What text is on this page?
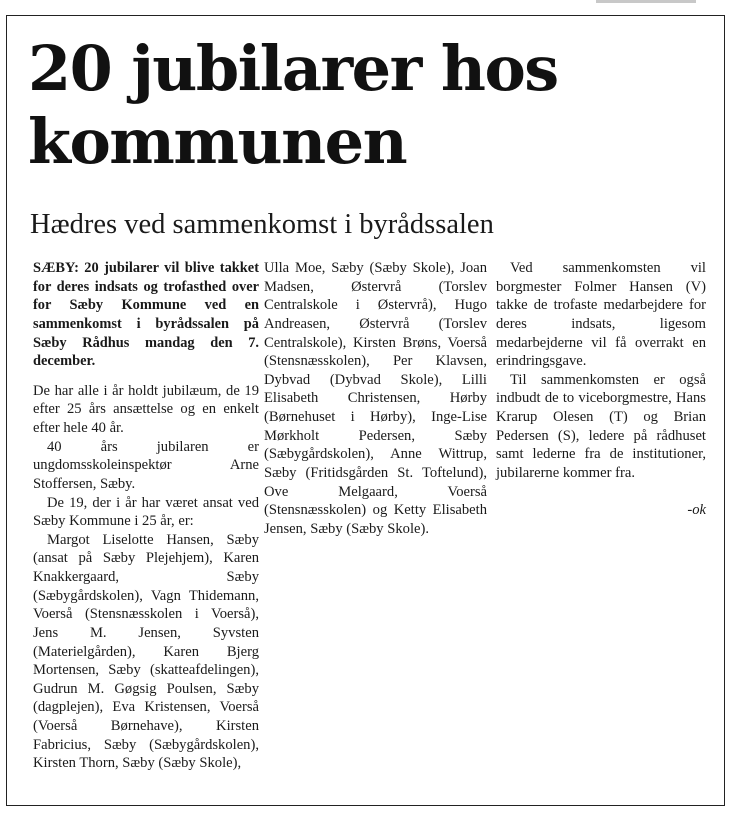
20 jubilarer hos kommunen
Hædres ved sammenkomst i byrådssalen

SÆBY: 20 jubilarer vil blive takket for deres indsats og trofasthed over for Sæby Kommune ved en sammenkomst i byrådssalen på Sæby Rådhus mandag den 7. december.

De har alle i år holdt jubilæum, de 19 efter 25 års ansættelse og en enkelt efter hele 40 år.

40 års jubilaren er ungdomsskoleinspektør Arne Stoffersen, Sæby.

De 19, der i år har været ansat ved Sæby Kommune i 25 år, er:

Margot Liselotte Hansen, Sæby (ansat på Sæby Plejehjem), Karen Knakkergaard, Sæby (Sæbygårdskolen), Vagn Thidemann, Voerså (Stensnæsskolen i Voerså), Jens M. Jensen, Syvsten (Materielgården), Karen Bjerg Mortensen, Sæby (skatteafdelingen), Gudrun M. Gøgsig Poulsen, Sæby (dagplejen), Eva Kristensen, Voerså (Voerså Børnehave), Kirsten Fabricius, Sæby (Sæbygårdskolen), Kirsten Thorn, Sæby (Sæby Skole),

Ulla Moe, Sæby (Sæby Skole), Joan Madsen, Østervrå (Torslev Centralskole i Østervrå), Hugo Andreasen, Østervrå (Torslev Centralskole), Kirsten Brøns, Voerså (Stensnæsskolen), Per Klavsen, Dybvad (Dybvad Skole), Lilli Elisabeth Christensen, Hørby (Børnehuset i Hørby), Inge-Lise Mørkholt Pedersen, Sæby (Sæbygårdskolen), Anne Wittrup, Sæby (Fritidsgården St. Toftelund), Ove Melgaard, Voerså (Stensnæsskolen) og Ketty Elisabeth Jensen, Sæby (Sæby Skole).

Ved sammenkomsten vil borgmester Folmer Hansen (V) takke de trofaste medarbejdere for deres indsats, ligesom medarbejderne vil få overrakt en erindringsgave.

Til sammenkomsten er også indbudt de to viceborgmestre, Hans Krarup Olesen (T) og Brian Pedersen (S), ledere på rådhuset samt lederne fra de institutioner, jubilarerne kommer fra.

-ok
